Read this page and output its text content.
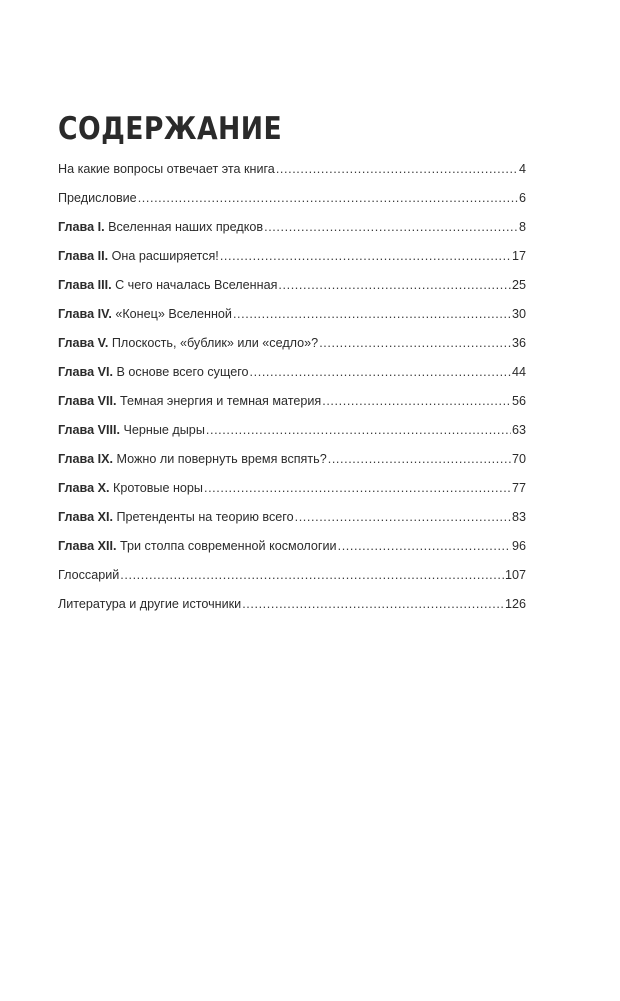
СОДЕРЖАНИЕ
На какие вопросы отвечает эта книга .....	4
Предисловие .....	6
Глава I. Вселенная наших предков .....	8
Глава II. Она расширяется! .....	17
Глава III. С чего началась Вселенная .....	25
Глава IV. «Конец» Вселенной .....	30
Глава V. Плоскость, «бублик» или «седло»? .....	36
Глава VI. В основе всего сущего .....	44
Глава VII. Темная энергия и темная материя .....	56
Глава VIII. Черные дыры .....	63
Глава IX. Можно ли повернуть время вспять? .....	70
Глава X. Кротовые норы .....	77
Глава XI. Претенденты на теорию всего .....	83
Глава XII. Три столпа современной космологии .....	96
Глоссарий .....	107
Литература и другие источники .....	126
